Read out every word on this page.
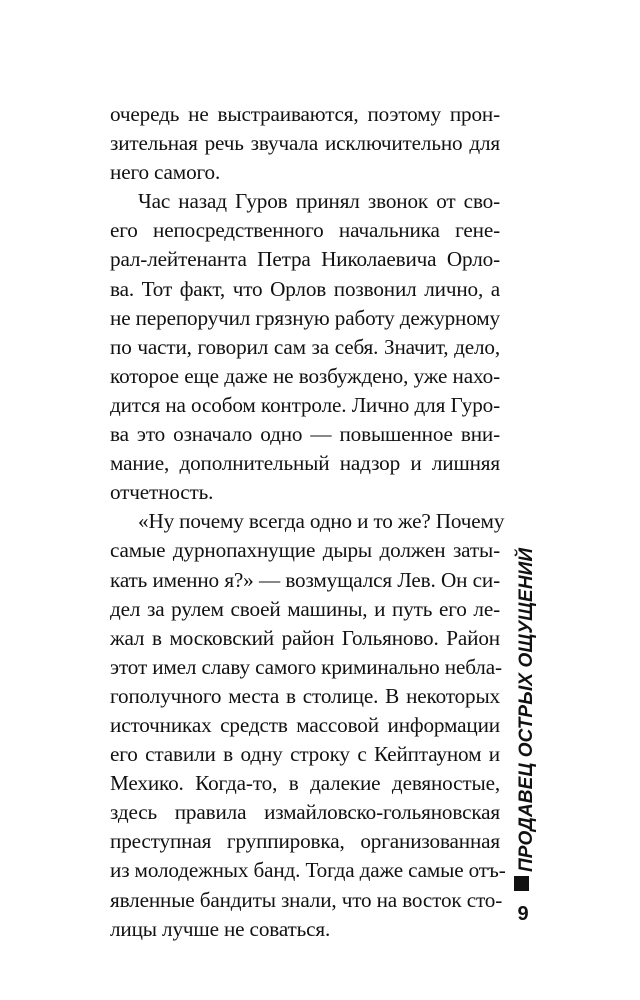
очередь не выстраиваются, поэтому прон-
зительная речь звучала исключительно для
него самого.
Час назад Гуров принял звонок от сво-
его непосредственного начальника гене-
рал-лейтенанта Петра Николаевича Орло-
ва. Тот факт, что Орлов позвонил лично, а
не перепоручил грязную работу дежурному
по части, говорил сам за себя. Значит, дело,
которое еще даже не возбуждено, уже нахо-
дится на особом контроле. Лично для Гуро-
ва это означало одно — повышенное вни-
мание, дополнительный надзор и лишняя
отчетность.
«Ну почему всегда одно и то же? Почему
самые дурнопахнущие дыры должен заты-
кать именно я?» — возмущался Лев. Он си-
дел за рулем своей машины, и путь его ле-
жал в московский район Гольяново. Район
этот имел славу самого криминально небла-
гополучного места в столице. В некоторых
источниках средств массовой информации
его ставили в одну строку с Кейптауном и
Мехико. Когда-то, в далекие девяностые,
здесь правила измайловско-гольяновская
преступная группировка, организованная
из молодежных банд. Тогда даже самые отъ-
явленные бандиты знали, что на восток сто-
лицы лучше не соваться.
ПРОДАВЕЦ ОСТРЫХ ОЩУЩЕНИЙ
9
